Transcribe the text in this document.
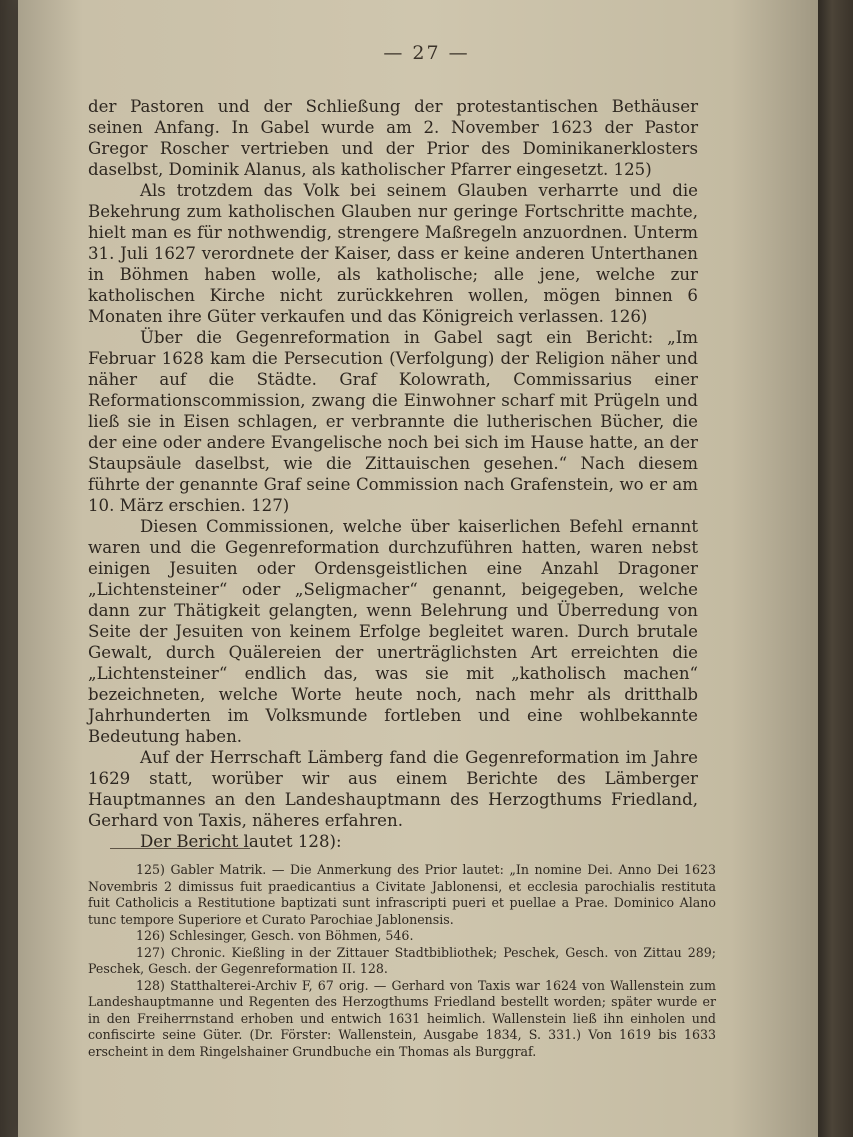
— 27 —

der Pastoren und der Schließung der protestantischen Bethäuser seinen Anfang. In Gabel wurde am 2. November 1623 der Pastor Gregor Roscher vertrieben und der Prior des Dominikanerklosters daselbst, Dominik Alanus, als katholischer Pfarrer eingesetzt. 125)

Als trotzdem das Volk bei seinem Glauben verharrte und die Bekehrung zum katholischen Glauben nur geringe Fortschritte machte, hielt man es für nothwendig, strengere Maßregeln anzuordnen. Unterm 31. Juli 1627 verordnete der Kaiser, dass er keine anderen Unterthanen in Böhmen haben wolle, als katholische; alle jene, welche zur katholischen Kirche nicht zurückkehren wollen, mögen binnen 6 Monaten ihre Güter verkaufen und das Königreich verlassen. 126)

Über die Gegenreformation in Gabel sagt ein Bericht: „Im Februar 1628 kam die Persecution (Verfolgung) der Religion näher und näher auf die Städte. Graf Kolowrath, Commissarius einer Reformationscommission, zwang die Einwohner scharf mit Prügeln und ließ sie in Eisen schlagen, er verbrannte die lutherischen Bücher, die der eine oder andere Evangelische noch bei sich im Hause hatte, an der Staupsäule daselbst, wie die Zittauischen gesehen.“ Nach diesem führte der genannte Graf seine Commission nach Grafenstein, wo er am 10. März erschien. 127)

Diesen Commissionen, welche über kaiserlichen Befehl ernannt waren und die Gegenreformation durchzuführen hatten, waren nebst einigen Jesuiten oder Ordensgeistlichen eine Anzahl Dragoner „Lichtensteiner“ oder „Seligmacher“ genannt, beigegeben, welche dann zur Thätigkeit gelangten, wenn Belehrung und Überredung von Seite der Jesuiten von keinem Erfolge begleitet waren. Durch brutale Gewalt, durch Quälereien der unerträglichsten Art erreichten die „Lichtensteiner“ endlich das, was sie mit „katholisch machen“ bezeichneten, welche Worte heute noch, nach mehr als dritthalb Jahrhunderten im Volksmunde fortleben und eine wohlbekannte Bedeutung haben.

Auf der Herrschaft Lämberg fand die Gegenreformation im Jahre 1629 statt, worüber wir aus einem Berichte des Lämberger Hauptmannes an den Landeshauptmann des Herzogthums Friedland, Gerhard von Taxis, näheres erfahren.

Der Bericht lautet 128):

125) Gabler Matrik. — Die Anmerkung des Prior lautet: „In nomine Dei. Anno Dei 1623 Novembris 2 dimissus fuit praedicantius a Civitate Jablonensi, et ecclesia parochialis restituta fuit Catholicis a Restitutione baptizati sunt infrascripti pueri et puellae a Prae. Dominico Alano tunc tempore Superiore et Curato Parochiae Jablonensis.

126) Schlesinger, Gesch. von Böhmen, 546.

127) Chronic. Kießling in der Zittauer Stadtbibliothek; Peschek, Gesch. von Zittau 289; Peschek, Gesch. der Gegenreformation II. 128.

128) Statthalterei-Archiv F, 67 orig. — Gerhard von Taxis war 1624 von Wallenstein zum Landeshauptmanne und Regenten des Herzogthums Friedland bestellt worden; später wurde er in den Freiherrnstand erhoben und entwich 1631 heimlich. Wallenstein ließ ihn einholen und confiscirte seine Güter. (Dr. Förster: Wallenstein, Ausgabe 1834, S. 331.) Von 1619 bis 1633 erscheint in dem Ringelshainer Grundbuche ein Thomas als Burggraf.
